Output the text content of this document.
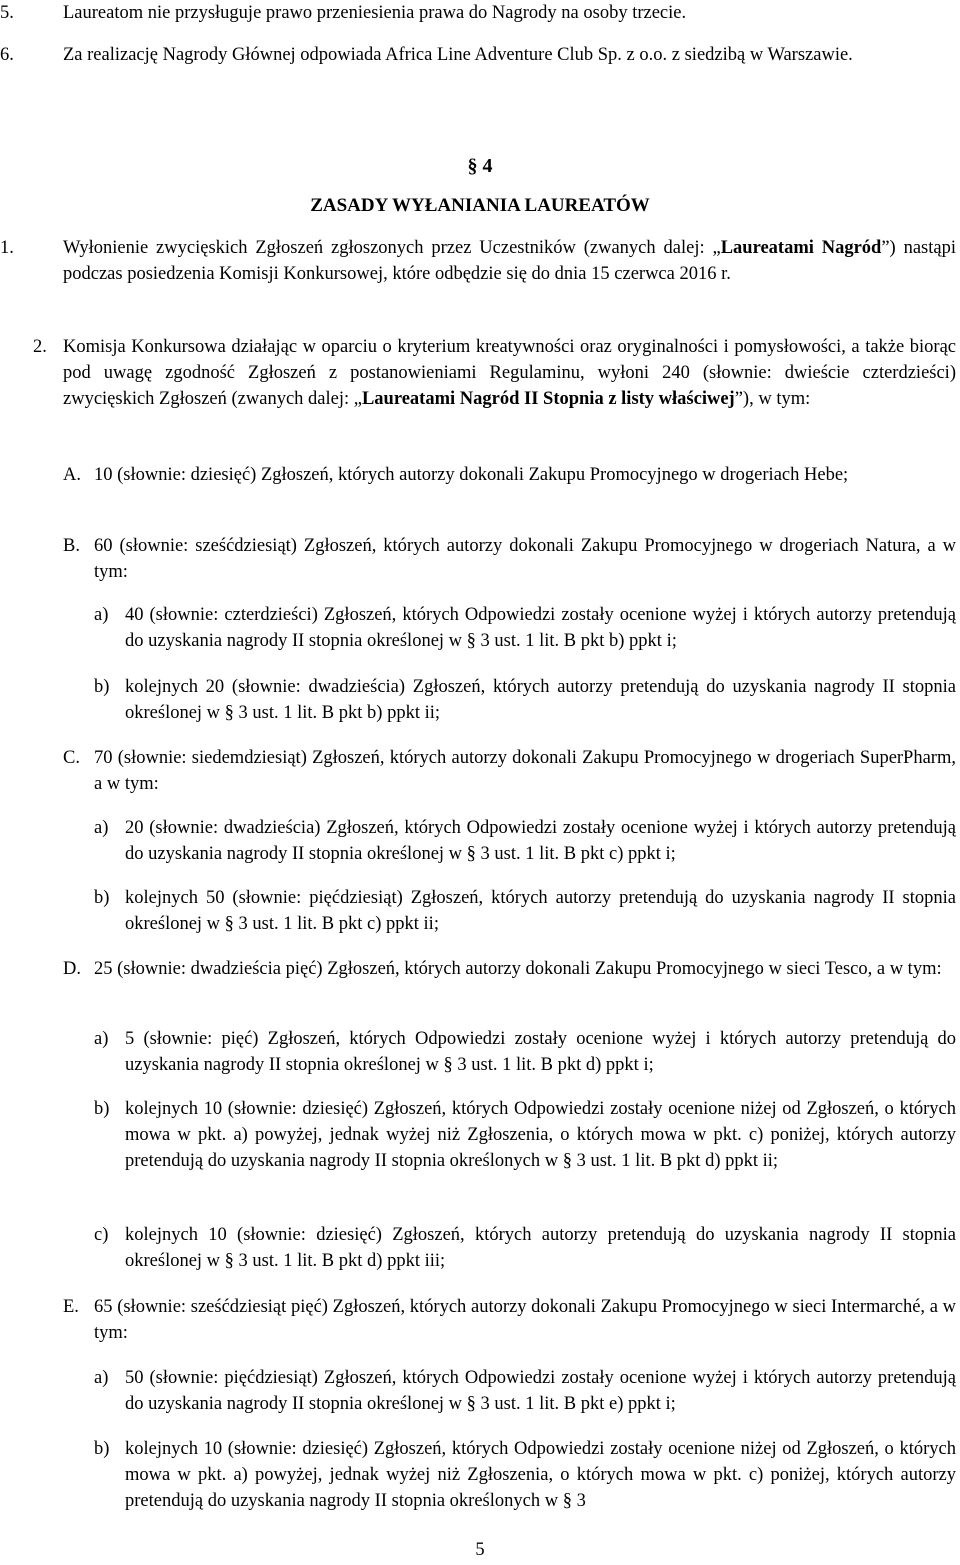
5.	Laureatom nie przysługuje prawo przeniesienia prawa do Nagrody na osoby trzecie.
6.	Za realizację Nagrody Głównej odpowiada Africa Line Adventure Club Sp. z o.o. z siedzibą w Warszawie.
§ 4
ZASADY WYŁANIANIA LAUREATÓW
1.	Wyłonienie zwycięskich Zgłoszeń zgłoszonych przez Uczestników (zwanych dalej: „Laureatami Nagród”) nastąpi podczas posiedzenia Komisji Konkursowej, które odbędzie się do dnia 15 czerwca 2016 r.
2. Komisja Konkursowa działając w oparciu o kryterium kreatywności oraz oryginalności i pomysłowości, a także biorąc pod uwagę zgodność Zgłoszeń z postanowieniami Regulaminu, wyłoni 240 (słownie: dwieście czterdzieści) zwycięskich Zgłoszeń (zwanych dalej: „Laureatami Nagród II Stopnia z listy właściwej”), w tym:
A. 10 (słownie: dziesięć) Zgłoszeń, których autorzy dokonali Zakupu Promocyjnego w drogeriach Hebe;
B. 60 (słownie: sześćdziesiąt) Zgłoszeń, których autorzy dokonali Zakupu Promocyjnego w drogeriach Natura, a w tym:
a) 40 (słownie: czterdzieści) Zgłoszeń, których Odpowiedzi zostały ocenione wyżej i których autorzy pretendują do uzyskania nagrody II stopnia określonej w § 3 ust. 1 lit. B pkt b) ppkt i;
b) kolejnych 20 (słownie: dwadzieścia) Zgłoszeń, których autorzy pretendują do uzyskania nagrody II stopnia określonej w § 3 ust. 1 lit. B pkt b) ppkt ii;
C. 70 (słownie: siedemdziesiąt) Zgłoszeń, których autorzy dokonali Zakupu Promocyjnego w drogeriach SuperPharm, a w tym:
a) 20 (słownie: dwadzieścia) Zgłoszeń, których Odpowiedzi zostały ocenione wyżej i których autorzy pretendują do uzyskania nagrody II stopnia określonej w § 3 ust. 1 lit. B pkt c) ppkt i;
b) kolejnych 50 (słownie: pięćdziesiąt) Zgłoszeń, których autorzy pretendują do uzyskania nagrody II stopnia określonej w § 3 ust. 1 lit. B pkt c) ppkt ii;
D. 25 (słownie: dwadzieścia pięć) Zgłoszeń, których autorzy dokonali Zakupu Promocyjnego w sieci Tesco, a w tym:
a) 5 (słownie: pięć) Zgłoszeń, których Odpowiedzi zostały ocenione wyżej i których autorzy pretendują do uzyskania nagrody II stopnia określonej w § 3 ust. 1 lit. B pkt d) ppkt i;
b) kolejnych 10 (słownie: dziesięć) Zgłoszeń, których Odpowiedzi zostały ocenione niżej od Zgłoszeń, o których mowa w pkt. a) powyżej, jednak wyżej niż Zgłoszenia, o których mowa w pkt. c) poniżej, których autorzy pretendują do uzyskania nagrody II stopnia określonych w § 3 ust. 1 lit. B pkt d) ppkt ii;
c) kolejnych 10 (słownie: dziesięć) Zgłoszeń, których autorzy pretendują do uzyskania nagrody II stopnia określonej w § 3 ust. 1 lit. B pkt d) ppkt iii;
E. 65 (słownie: sześćdziesiąt pięć) Zgłoszeń, których autorzy dokonali Zakupu Promocyjnego w sieci Intermarché, a w tym:
a) 50 (słownie: pięćdziesiąt) Zgłoszeń, których Odpowiedzi zostały ocenione wyżej i których autorzy pretendują do uzyskania nagrody II stopnia określonej w § 3 ust. 1 lit. B pkt e) ppkt i;
b) kolejnych 10 (słownie: dziesięć) Zgłoszeń, których Odpowiedzi zostały ocenione niżej od Zgłoszeń, o których mowa w pkt. a) powyżej, jednak wyżej niż Zgłoszenia, o których mowa w pkt. c) poniżej, których autorzy pretendują do uzyskania nagrody II stopnia określonych w § 3
5
